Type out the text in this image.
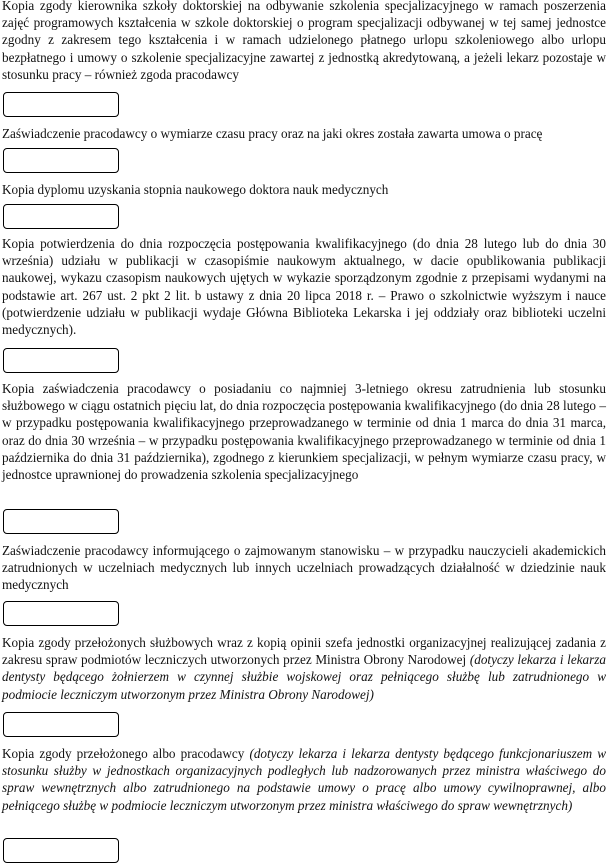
Kopia zgody kierownika szkoły doktorskiej na odbywanie szkolenia specjalizacyjnego w ramach poszerzenia zajęć programowych kształcenia w szkole doktorskiej o program specjalizacji odbywanej w tej samej jednostce zgodny z zakresem tego kształcenia i w ramach udzielonego płatnego urlopu szkoleniowego albo urlopu bezpłatnego i umowy o szkolenie specjalizacyjne zawartej z jednostką akredytowaną, a jeżeli lekarz pozostaje w stosunku pracy – również zgoda pracodawcy

Zaświadczenie pracodawcy o wymiarze czasu pracy oraz na jaki okres została zawarta umowa o pracę

Kopia dyplomu uzyskania stopnia naukowego doktora nauk medycznych

Kopia potwierdzenia do dnia rozpoczęcia postępowania kwalifikacyjnego (do dnia 28 lutego lub do dnia 30 września) udziału w publikacji w czasopiśmie naukowym aktualnego, w dacie opublikowania publikacji naukowej, wykazu czasopism naukowych ujętych w wykazie sporządzonym zgodnie z przepisami wydanymi na podstawie art. 267 ust. 2 pkt 2 lit. b ustawy z dnia 20 lipca 2018 r. – Prawo o szkolnictwie wyższym i nauce (potwierdzenie udziału w publikacji wydaje Główna Biblioteka Lekarska i jej oddziały oraz biblioteki uczelni medycznych).

Kopia zaświadczenia pracodawcy o posiadaniu co najmniej 3-letniego okresu zatrudnienia lub stosunku służbowego w ciągu ostatnich pięciu lat, do dnia rozpoczęcia postępowania kwalifikacyjnego (do dnia 28 lutego – w przypadku postępowania kwalifikacyjnego przeprowadzanego w terminie od dnia 1 marca do dnia 31 marca, oraz do dnia 30 września – w przypadku postępowania kwalifikacyjnego przeprowadzanego w terminie od dnia 1 października do dnia 31 października), zgodnego z kierunkiem specjalizacji, w pełnym wymiarze czasu pracy, w jednostce uprawnionej do prowadzenia szkolenia specjalizacyjnego

Zaświadczenie pracodawcy informującego o zajmowanym stanowisku – w przypadku nauczycieli akademickich zatrudnionych w uczelniach medycznych lub innych uczelniach prowadzących działalność w dziedzinie nauk medycznych

Kopia zgody przełożonych służbowych wraz z kopią opinii szefa jednostki organizacyjnej realizującej zadania z zakresu spraw podmiotów leczniczych utworzonych przez Ministra Obrony Narodowej (dotyczy lekarza i lekarza dentysty będącego żołnierzem w czynnej służbie wojskowej oraz pełniącego służbę lub zatrudnionego w podmiocie leczniczym utworzonym przez Ministra Obrony Narodowej)

Kopia zgody przełożonego albo pracodawcy (dotyczy lekarza i lekarza dentysty będącego funkcjonariuszem w stosunku służby w jednostkach organizacyjnych podległych lub nadzorowanych przez ministra właściwego do spraw wewnętrznych albo zatrudnionego na podstawie umowy o pracę albo umowy cywilnoprawnej, albo pełniącego służbę w podmiocie leczniczym utworzonym przez ministra właściwego do spraw wewnętrznych)
